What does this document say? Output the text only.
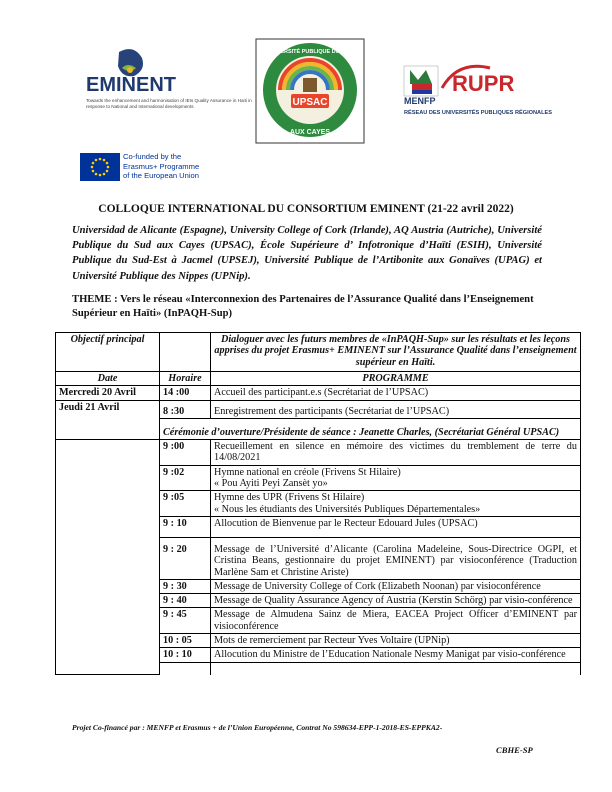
EMINENT
Towards the enhancement and harmonisation of IEIs Quality Assurance in Haiti in response to National and International developments	UPSAC
AUX CAYES
UNIVERSITÉ PUBLIQUE DU SUD
RUPR
MENFP
RÉSEAU DES UNIVERSITÉS PUBLIQUES RÉGIONALES
Co-funded by the
Erasmus+ Programme
of the European Union
COLLOQUE INTERNATIONAL DU CONSORTIUM EMINENT (21-22 avril 2022)
Universidad de Alicante (Espagne), University College of Cork (Irlande), AQ Austria (Autriche), Université Publique du Sud aux Cayes (UPSAC), École Supérieure d’ Infotronique d’Haïti (ESIH), Université Publique du Sud-Est à Jacmel (UPSEJ), Université Publique de l’Artibonite aux Gonaïves (UPAG) et Université Publique des Nippes (UPNip).
THEME : Vers le réseau «Interconnexion des Partenaires de l’Assurance Qualité dans l’Enseignement Supérieur en Haïti» (InPAQH-Sup)
Objectif principal		Dialoguer avec les futurs membres de «InPAQH-Sup» sur les résultats et les leçons apprises du projet Erasmus+ EMINENT sur l’Assurance Qualité dans l’enseignement supérieur en Haïti.
Date	Horaire	PROGRAMME
Mercredi 20 Avril	14 :00	Accueil des participant.e.s (Secrétariat de l’UPSAC)
Jeudi 21 Avril	8 :30	Enregistrement des participants (Secrétariat de l’UPSAC)
	Cérémonie d’ouverture/Présidente de séance : Jeanette Charles, (Secrétariat Général UPSAC)	
	9 :00	Recueillement en silence en mémoire des victimes du tremblement de terre du 14/08/2021
	9 :02	Hymne national en créole (Frivens St Hilaire)
« Pou Ayiti Peyi Zansèt yo»

	9 :05	Hymne des UPR (Frivens St Hilaire)
« Nous les étudiants des Universités Publiques Départementales»

	9 : 10	Allocution de Bienvenue par le Recteur Edouard Jules (UPSAC)
	9 : 20	Message de l’Université d’Alicante (Carolina Madeleine, Sous-Directrice OGPI, et Cristina Beans, gestionnaire du projet EMINENT) par visioconférence (Traduction Marlène Sam et Christine Ariste)
	9 : 30	Message de University College of Cork (Elizabeth Noonan) par visioconférence
	9 : 40	Message de Quality Assurance Agency of Austria (Kerstin Schörg) par visio-conférence
	9 : 45	Message de Almudena Sainz de Miera, EACEA Project Officer d’EMINENT par visioconférence
	10 : 05	Mots de remerciement par Recteur Yves Voltaire (UPNip)
	10 : 10	Allocution du Ministre de l’Education Nationale Nesmy Manigat par visio-conférence

Projet Co-financé par : MENFP et Erasmus + de l’Union Européenne, Contrat No 598634-EPP-1-2018-ES-EPPKA2-
CBHE-SP
